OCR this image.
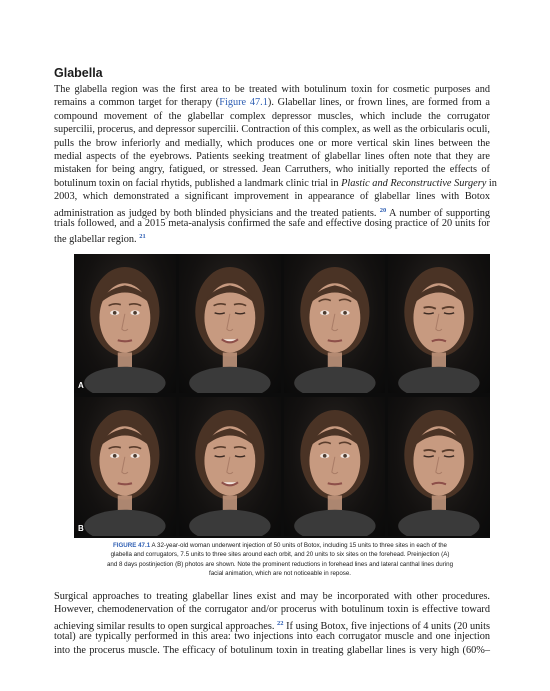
Glabella
The glabella region was the first area to be treated with botulinum toxin for cosmetic purposes and
remains a common target for therapy (Figure 47.1). Glabellar lines, or frown lines, are formed from a
compound movement of the glabellar complex depressor muscles, which include the corrugator
supercilii, procerus, and depressor supercilii. Contraction of this complex, as well as the orbicularis oculi,
pulls the brow inferiorly and medially, which produces one or more vertical skin lines between the
medial aspects of the eyebrows. Patients seeking treatment of glabellar lines often note that they are
mistaken for being angry, fatigued, or stressed. Jean Carruthers, who initially reported the effects of
botulinum toxin on facial rhytids, published a landmark clinic trial in Plastic and Reconstructive Surgery in
2003, which demonstrated a significant improvement in appearance of glabellar lines with Botox
administration as judged by both blinded physicians and the treated patients. $^{20}$ A number of supporting
trials followed, and a 2015 meta-analysis confirmed the safe and effective dosing practice of 20 units for
the glabellar region. $^{21}$
A
B
FIGURE 47.1 A 32-year-old woman underwent injection of 50 units of Botox, including 15 units to three sites in each of the
glabella and corrugators, 7.5 units to three sites around each orbit, and 20 units to six sites on the forehead. Preinjection (A)
and 8 days postinjection (B) photos are shown. Note the prominent reductions in forehead lines and lateral canthal lines during
facial animation, which are not noticeable in repose.
Surgical approaches to treating glabellar lines exist and may be incorporated with other procedures.
However, chemodenervation of the corrugator and/or procerus with botulinum toxin is effective toward
achieving similar results to open surgical approaches. $^{22}$ If using Botox, five injections of 4 units (20 units
total) are typically performed in this area: two injections into each corrugator muscle and one injection
into the procerus muscle. The efficacy of botulinum toxin in treating glabellar lines is very high (60%–
